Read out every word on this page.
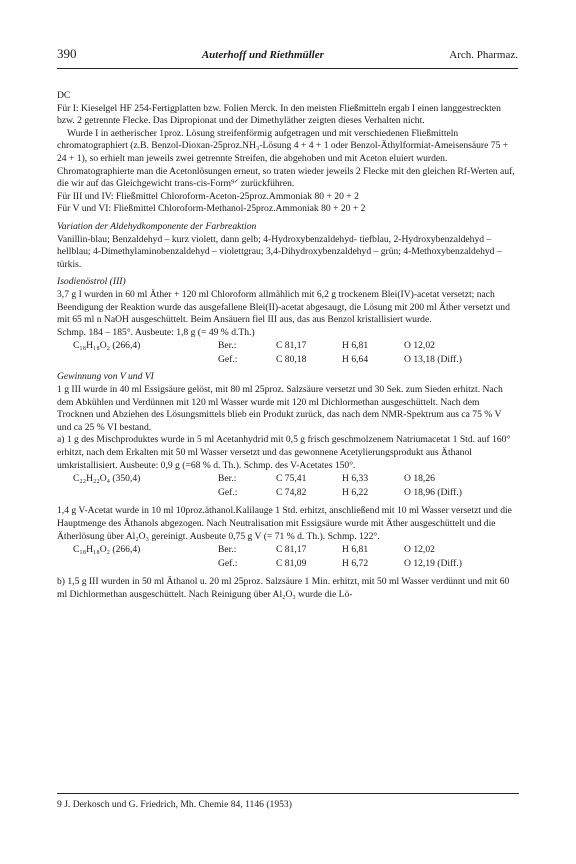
390	Auterhoff und Riethmüller	Arch. Pharmaz.

DC

Für I: Kieselgel HF 254-Fertigplatten bzw. Folien Merck. In den meisten Fließmitteln ergab I einen langgestreckten bzw. 2 getrennte Flecke. Das Dipropionat und der Dimethyläther zeigten dieses Verhalten nicht.

Wurde I in aetherischer 1proz. Lösung streifenförmig aufgetragen und mit verschiedenen Fließmitteln chromatographiert (z.B. Benzol-Dioxan-25proz.NH₃-Lösung 4 + 4 + 1 oder Benzol-Äthylformiat-Ameisensäure 75 + 24 + 1), so erhielt man jeweils zwei getrennte Streifen, die abgehoben und mit Aceton eluiert wurden. Chromatographierte man die Acetonlösungen erneut, so traten wieder jeweils 2 Flecke mit den gleichen Rf-Werten auf, die wir auf das Gleichgewicht trans-cis-Form⁹ᐟ zurückführen.

Für III und IV: Fließmittel Chloroform-Aceton-25proz.Ammoniak 80 + 20 + 2

Für V und VI: Fließmittel Chloroform-Methanol-25proz.Ammoniak 80 + 20 + 2

Variation der Aldehydkomponente der Farbreaktion

Vanillin-blau; Benzaldehyd – kurz violett, dann gelb; 4-Hydroxybenzaldehyd- tiefblau, 2-Hydroxybenzaldehyd – hellblau; 4-Dimethylaminobenzaldehyd – violettgrau; 3,4-Dihydroxybenzaldehyd – grün; 4-Methoxybenzaldehyd – türkis.

Isodienöstrol (III)

3,7 g I wurden in 60 ml Äther + 120 ml Chloroform allmählich mit 6,2 g trockenem Blei(IV)-acetat versetzt; nach Beendigung der Reaktion wurde das ausgefallene Blei(II)-acetat abgesaugt, die Lösung mit 200 ml Äther versetzt und mit 65 ml n NaOH ausgeschüttelt. Beim Ansäuern fiel III aus, das aus Benzol kristallisiert wurde.

Schmp. 184 – 185°. Ausbeute: 1,8 g (= 49 % d.Th.)

C₁₈H₁₈O₂ (266,4)	Ber.:	C 81,17	H 6,81	O 12,02
Gef.:	C 80,18	H 6,64	O 13,18 (Diff.)

Gewinnung von V und VI

1 g III wurde in 40 ml Essigsäure gelöst, mit 80 ml 25proz. Salzsäure versetzt und 30 Sek. zum Sieden erhitzt. Nach dem Abkühlen und Verdünnen mit 120 ml Wasser wurde mit 120 ml Dichlormethan ausgeschüttelt. Nach dem Trocknen und Abziehen des Lösungsmittels blieb ein Produkt zurück, das nach dem NMR-Spektrum aus ca 75 % V und ca 25 % VI bestand.

a) 1 g des Mischproduktes wurde in 5 ml Acetanhydrid mit 0,5 g frisch geschmolzenem Natriumacetat 1 Std. auf 160° erhitzt, nach dem Erkalten mit 50 ml Wasser versetzt und das gewonnene Acetylierungsprodukt aus Äthanol umkristallisiert. Ausbeute: 0,9 g (=68 % d. Th.). Schmp. des V-Acetates 150°.

C₂₂H₂₂O₄ (350,4)	Ber.:	C 75,41	H 6,33	O 18,26
Gef.:	C 74,82	H 6,22	O 18,96 (Diff.)

1,4 g V-Acetat wurde in 10 ml 10proz.äthanol.Kalilauge 1 Std. erhitzt, anschließend mit 10 ml Wasser versetzt und die Hauptmenge des Äthanols abgezogen. Nach Neutralisation mit Essigsäure wurde mit Äther ausgeschüttelt und die Ätherlösung über Al₂O₃ gereinigt. Ausbeute 0,75 g V (= 71 % d. Th.). Schmp. 122°.

C₁₈H₁₈O₂ (266,4)	Ber.:	C 81,17	H 6,81	O 12,02
Gef.:	C 81,09	H 6,72	O 12,19 (Diff.)

b) 1,5 g III wurden in 50 ml Äthanol u. 20 ml 25proz. Salzsäure 1 Min. erhitzt, mit 50 ml Wasser verdünnt und mit 60 ml Dichlormethan ausgeschüttelt. Nach Reinigung über Al₂O₃ wurde die Lö-

9 J. Derkosch und G. Friedrich, Mh. Chemie 84, 1146 (1953)
